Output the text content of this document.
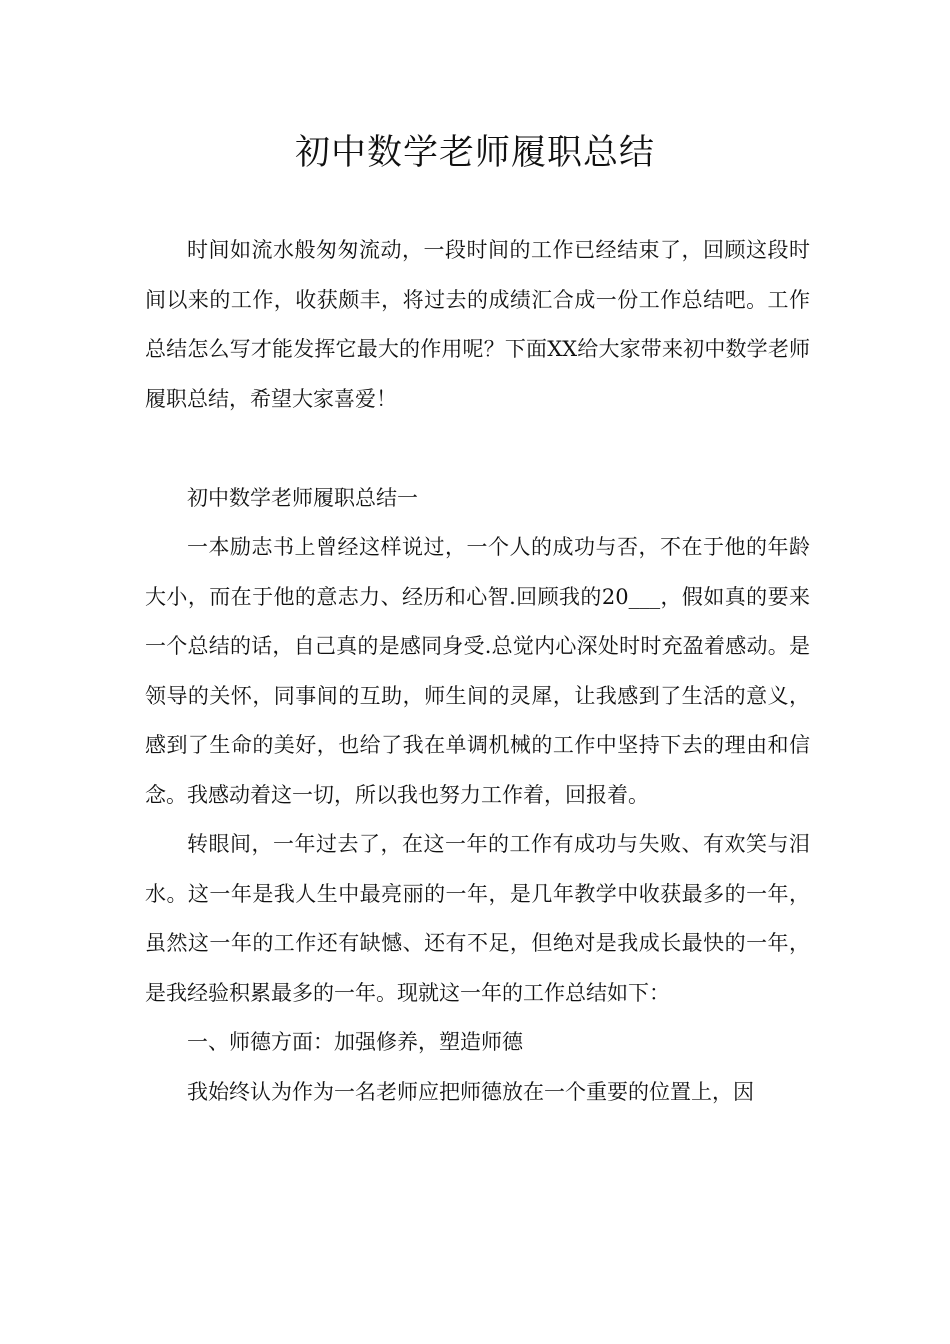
初中数学老师履职总结

时间如流水般匆匆流动，一段时间的工作已经结束了，回顾这段时间以来的工作，收获颇丰，将过去的成绩汇合成一份工作总结吧。工作总结怎么写才能发挥它最大的作用呢？下面XX给大家带来初中数学老师履职总结，希望大家喜爱！

初中数学老师履职总结一

一本励志书上曾经这样说过，一个人的成功与否，不在于他的年龄大小，而在于他的意志力、经历和心智.回顾我的20___，假如真的要来一个总结的话，自己真的是感同身受.总觉内心深处时时充盈着感动。是领导的关怀，同事间的互助，师生间的灵犀，让我感到了生活的意义，感到了生命的美好，也给了我在单调机械的工作中坚持下去的理由和信念。我感动着这一切，所以我也努力工作着，回报着。

转眼间，一年过去了，在这一年的工作有成功与失败、有欢笑与泪水。这一年是我人生中最亮丽的一年，是几年教学中收获最多的一年，虽然这一年的工作还有缺憾、还有不足，但绝对是我成长最快的一年，是我经验积累最多的一年。现就这一年的工作总结如下：

一、师德方面：加强修养，塑造师德

我始终认为作为一名老师应把师德放在一个重要的位置上，因
